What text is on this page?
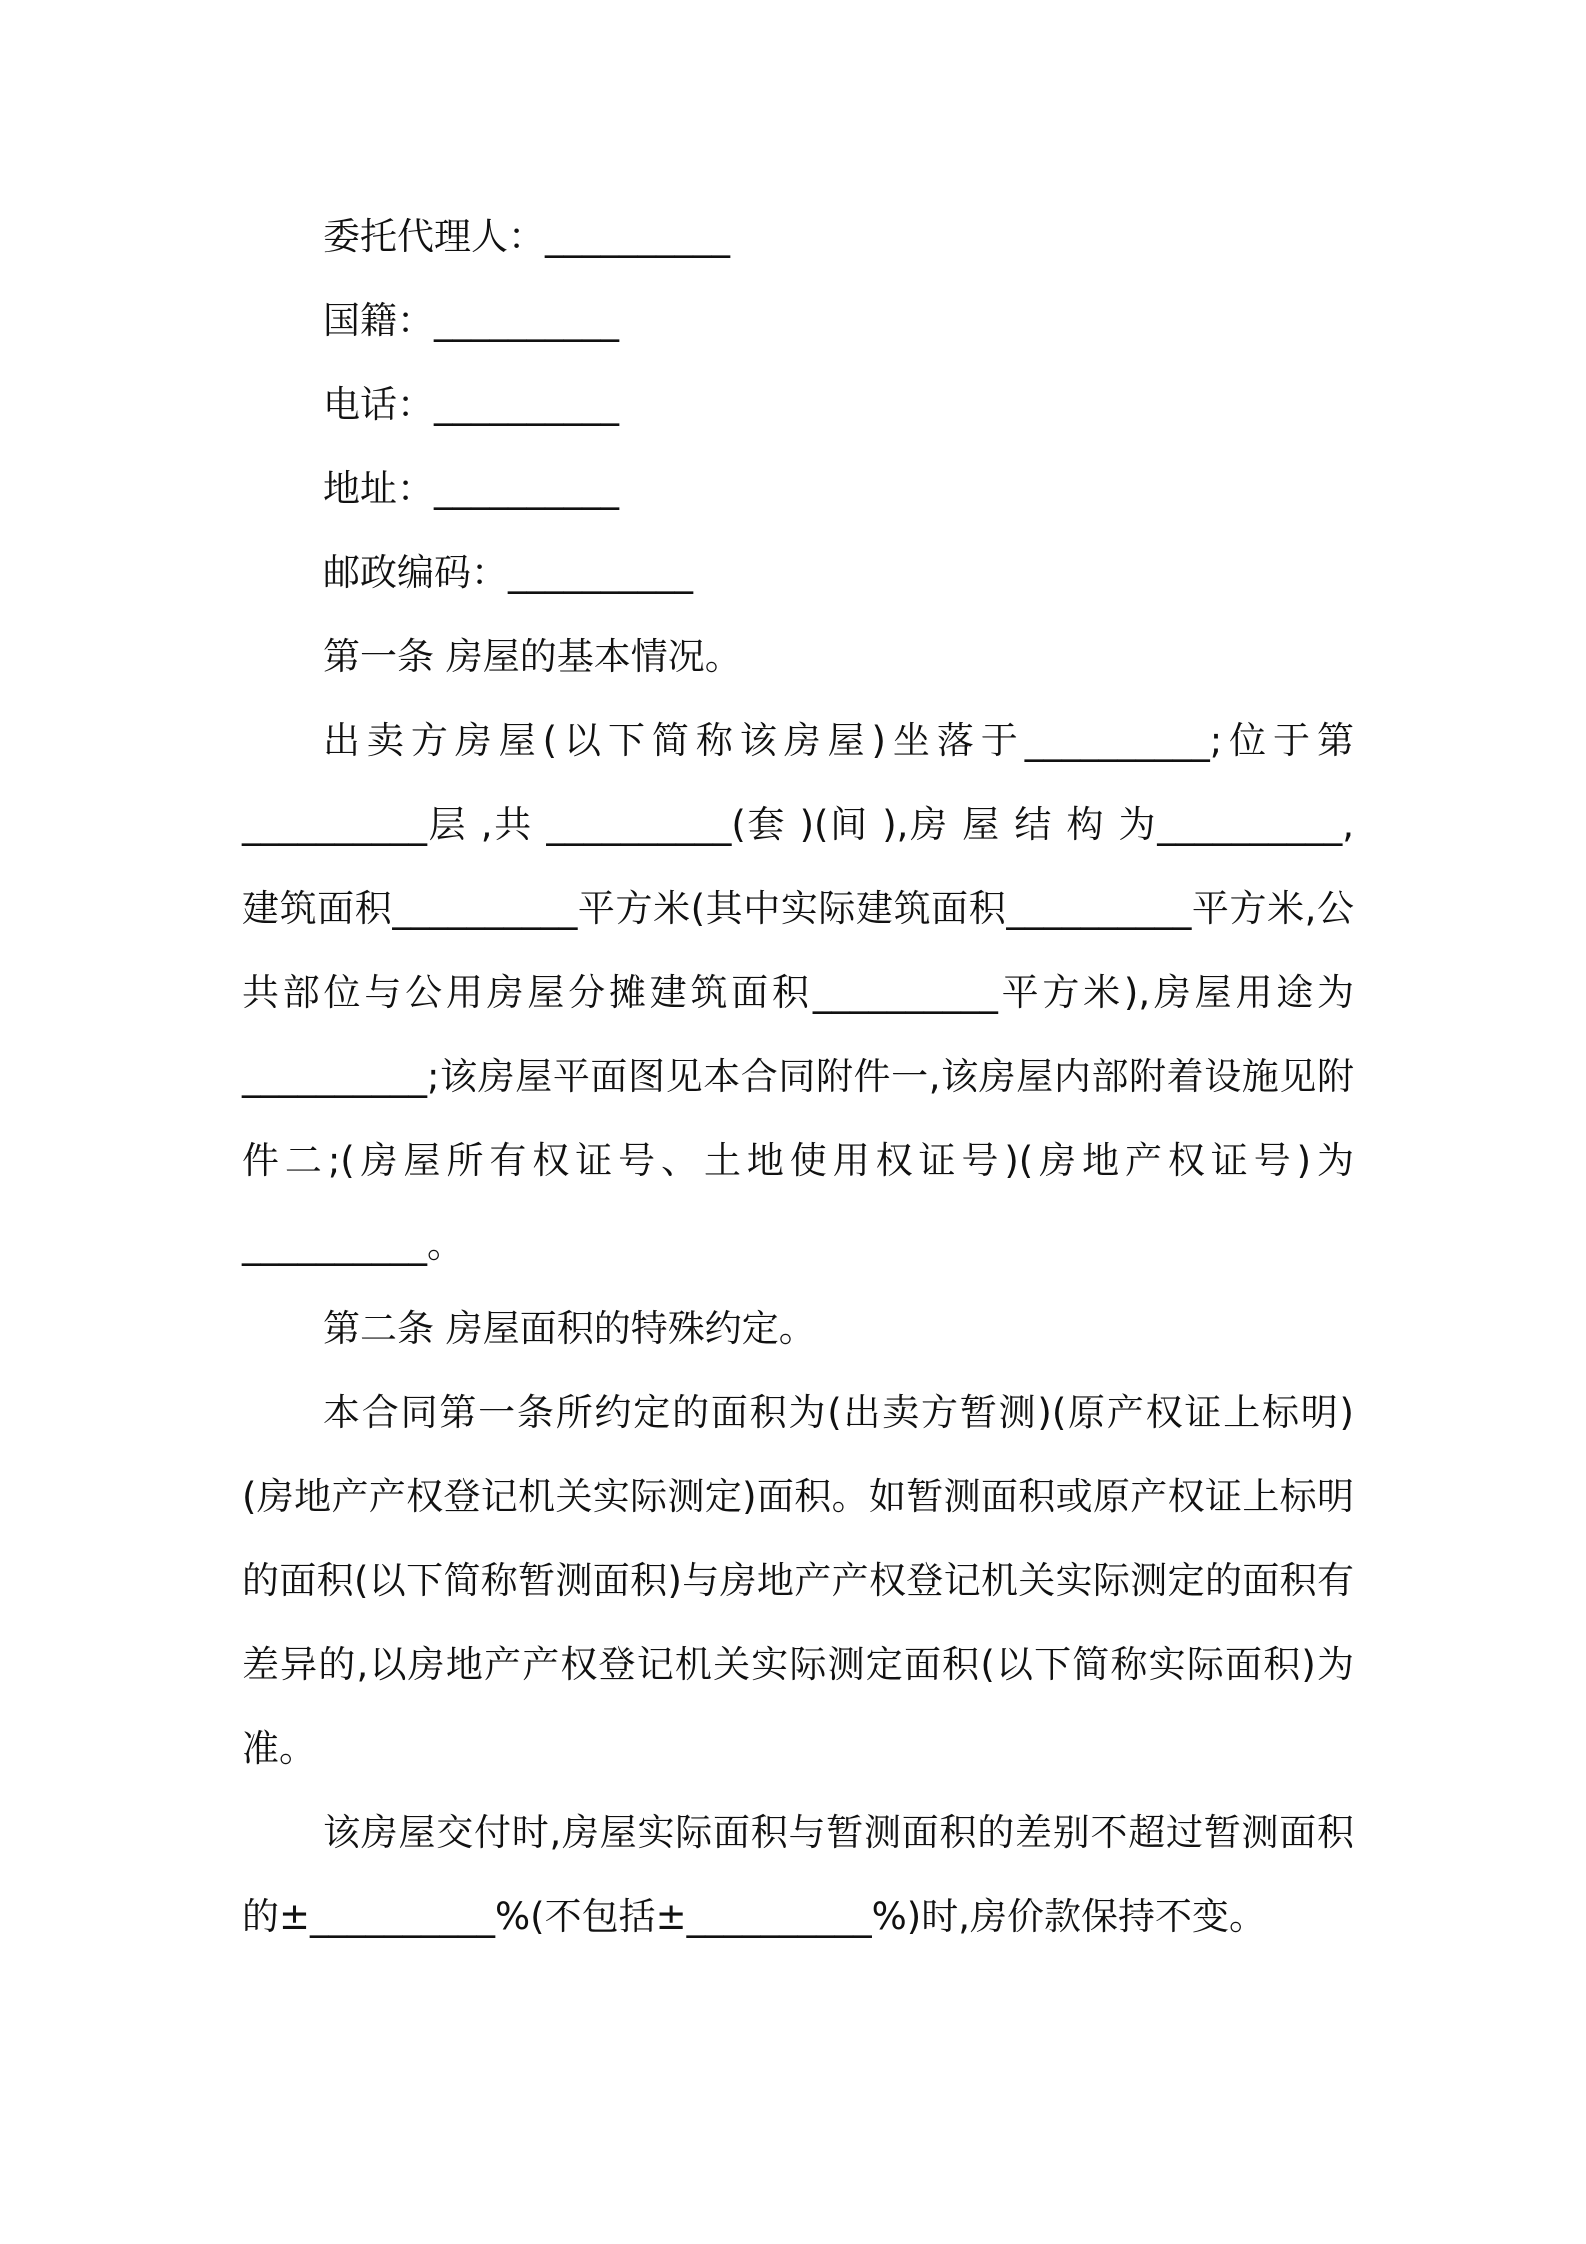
委托代理人：__________
国籍：__________
电话：__________
地址：__________
邮政编码：__________
第一条 房屋的基本情况。

出卖方房屋(以下简称该房屋)坐落于__________;位于第__________层 ,共 __________(套 )(间 ),房 屋 结 构 为__________,建筑面积__________平方米(其中实际建筑面积__________平方米,公共部位与公用房屋分摊建筑面积__________平方米),房屋用途为__________;该房屋平面图见本合同附件一,该房屋内部附着设施见附件二;(房屋所有权证号、土地使用权证号)(房地产权证号)为__________。

第二条 房屋面积的特殊约定。

本合同第一条所约定的面积为(出卖方暂测)(原产权证上标明)(房地产产权登记机关实际测定)面积。如暂测面积或原产权证上标明的面积(以下简称暂测面积)与房地产产权登记机关实际测定的面积有差异的,以房地产产权登记机关实际测定面积(以下简称实际面积)为准。

该房屋交付时,房屋实际面积与暂测面积的差别不超过暂测面积的±__________%(不包括±__________%)时,房价款保持不变。
